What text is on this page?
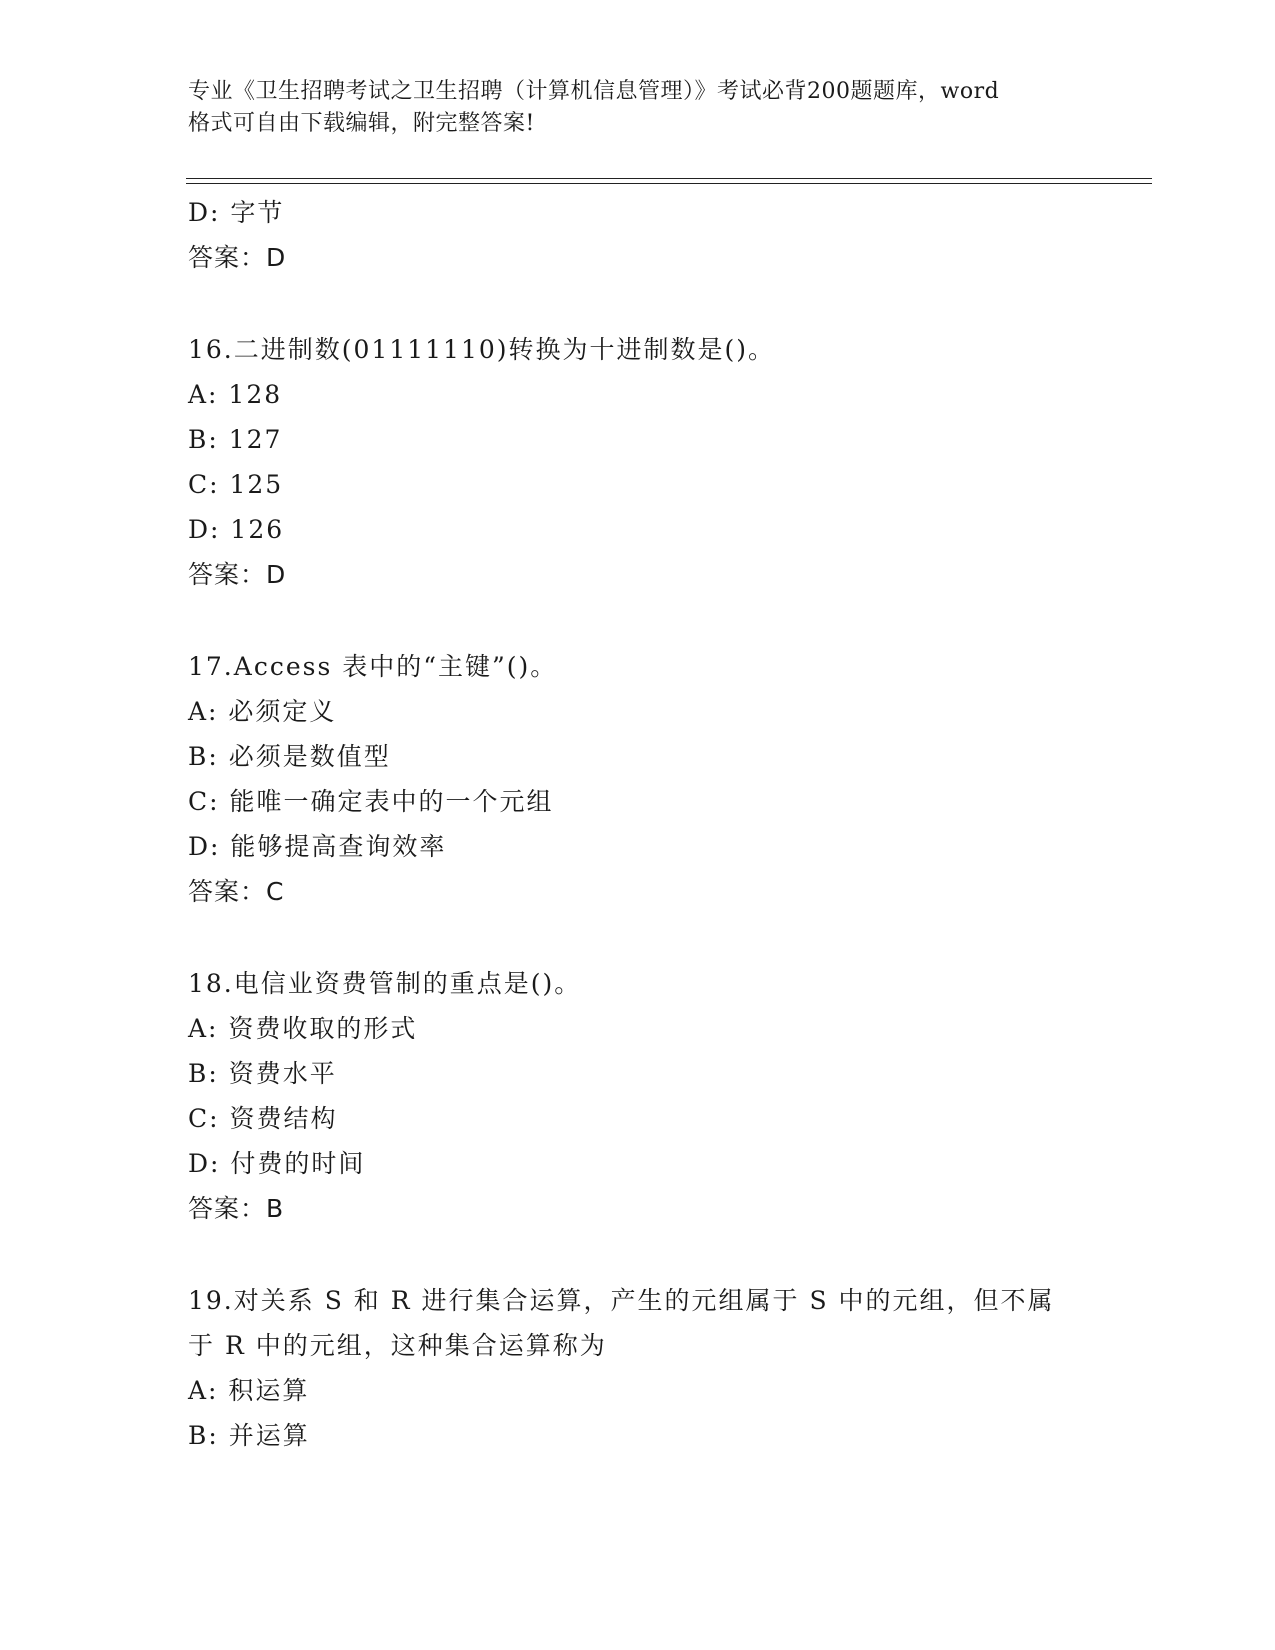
专业《卫生招聘考试之卫生招聘（计算机信息管理）》考试必背200题题库，word
格式可自由下载编辑，附完整答案!
D: 字节
答案：D
16.二进制数(01111110)转换为十进制数是()。
A: 128
B: 127
C: 125
D: 126
答案：D
17.Access 表中的“主键”()。
A: 必须定义
B: 必须是数值型
C: 能唯一确定表中的一个元组
D: 能够提高查询效率
答案：C
18.电信业资费管制的重点是()。
A: 资费收取的形式
B: 资费水平
C: 资费结构
D: 付费的时间
答案：B
19.对关系 S 和 R 进行集合运算，产生的元组属于 S 中的元组，但不属
于 R 中的元组，这种集合运算称为
A: 积运算
B: 并运算
